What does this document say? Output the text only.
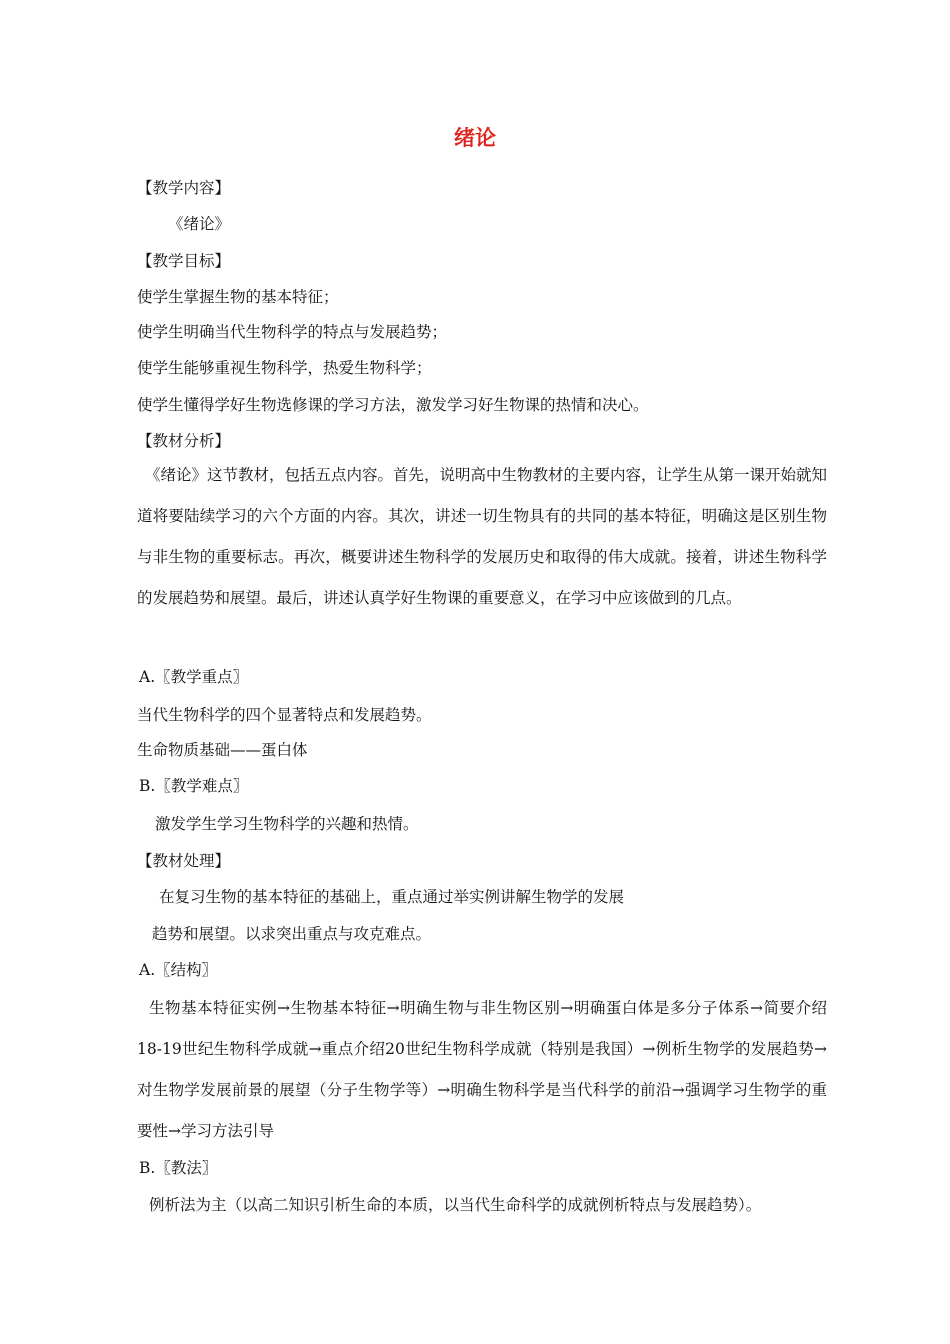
绪论
【教学内容】
《绪论》
【教学目标】
使学生掌握生物的基本特征；
使学生明确当代生物科学的特点与发展趋势；
使学生能够重视生物科学，热爱生物科学；
使学生懂得学好生物选修课的学习方法，激发学习好生物课的热情和决心。
【教材分析】
《绪论》这节教材，包括五点内容。首先，说明高中生物教材的主要内容，让学生从第一课开始就知道将要陆续学习的六个方面的内容。其次，讲述一切生物具有的共同的基本特征，明确这是区别生物与非生物的重要标志。再次，概要讲述生物科学的发展历史和取得的伟大成就。接着，讲述生物科学的发展趋势和展望。最后，讲述认真学好生物课的重要意义，在学习中应该做到的几点。
A.〖教学重点〗
当代生物科学的四个显著特点和发展趋势。
生命物质基础——蛋白体
B.〖教学难点〗
激发学生学习生物科学的兴趣和热情。
【教材处理】
在复习生物的基本特征的基础上，重点通过举实例讲解生物学的发展
趋势和展望。以求突出重点与攻克难点。
A.〖结构〗
生物基本特征实例→生物基本特征→明确生物与非生物区别→明确蛋白体是多分子体系→简要介绍18-19世纪生物科学成就→重点介绍20世纪生物科学成就（特别是我国）→例析生物学的发展趋势→对生物学发展前景的展望（分子生物学等）→明确生物科学是当代科学的前沿→强调学习生物学的重要性→学习方法引导
B.〖教法〗
例析法为主（以高二知识引析生命的本质，以当代生命科学的成就例析特点与发展趋势）。
